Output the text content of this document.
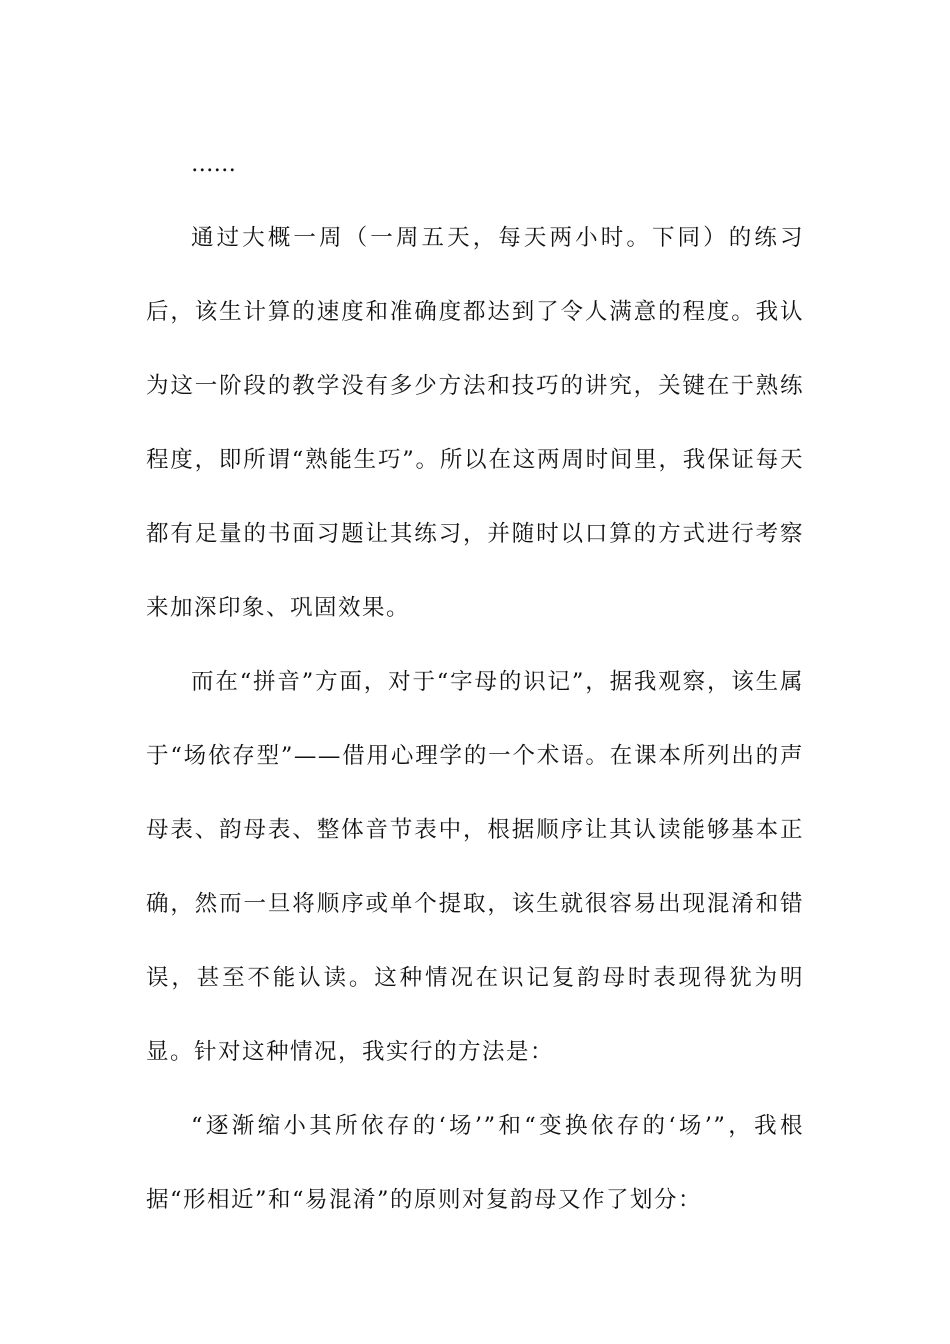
……

通过大概一周（一周五天，每天两小时。下同）的练习后，该生计算的速度和准确度都达到了令人满意的程度。我认为这一阶段的教学没有多少方法和技巧的讲究，关键在于熟练程度，即所谓“熟能生巧”。所以在这两周时间里，我保证每天都有足量的书面习题让其练习，并随时以口算的方式进行考察来加深印象、巩固效果。

而在“拼音”方面，对于“字母的识记”，据我观察，该生属于“场依存型”——借用心理学的一个术语。在课本所列出的声母表、韵母表、整体音节表中，根据顺序让其认读能够基本正确，然而一旦将顺序或单个提取，该生就很容易出现混淆和错误，甚至不能认读。这种情况在识记复韵母时表现得犹为明显。针对这种情况，我实行的方法是：

“逐渐缩小其所依存的‘场’”和“变换依存的‘场’”，我根据“形相近”和“易混淆”的原则对复韵母又作了划分：
